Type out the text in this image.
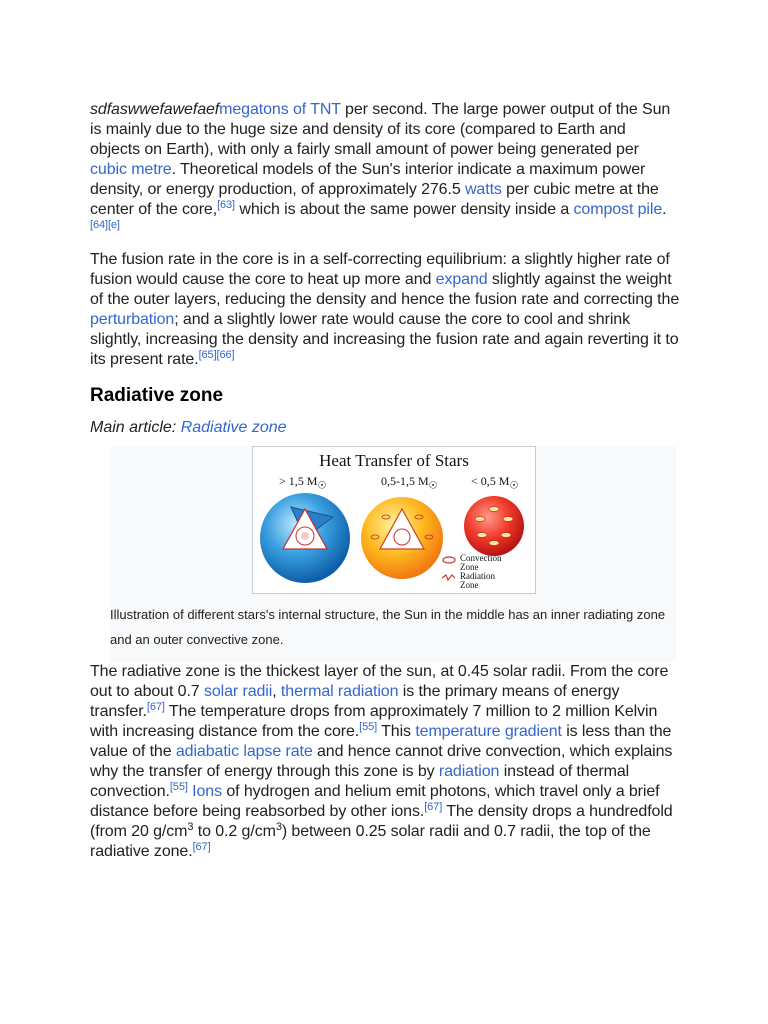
sdfaswwefawefaefmegatons of TNT per second. The large power output of the Sun is mainly due to the huge size and density of its core (compared to Earth and objects on Earth), with only a fairly small amount of power being generated per cubic metre. Theoretical models of the Sun's interior indicate a maximum power density, or energy production, of approximately 276.5 watts per cubic metre at the center of the core,[63] which is about the same power density inside a compost pile.[64][e]

The fusion rate in the core is in a self-correcting equilibrium: a slightly higher rate of fusion would cause the core to heat up more and expand slightly against the weight of the outer layers, reducing the density and hence the fusion rate and correcting the perturbation; and a slightly lower rate would cause the core to cool and shrink slightly, increasing the density and increasing the fusion rate and again reverting it to its present rate.[65][66]

Radiative zone
Main article: Radiative zone
Heat Transfer of Stars
> 1,5 $M_☉$	0,5-1,5 $M_☉$	< 0,5 $M_☉$
Convection
Zone
Radiation
Zone

Illustration of different stars's internal structure, the Sun in the middle has an inner radiating zone and an outer convective zone.

The radiative zone is the thickest layer of the sun, at 0.45 solar radii. From the core out to about 0.7 solar radii, thermal radiation is the primary means of energy transfer.[67] The temperature drops from approximately 7 million to 2 million Kelvin with increasing distance from the core.[55] This temperature gradient is less than the value of the adiabatic lapse rate and hence cannot drive convection, which explains why the transfer of energy through this zone is by radiation instead of thermal convection.[55] Ions of hydrogen and helium emit photons, which travel only a brief distance before being reabsorbed by other ions.[67] The density drops a hundredfold (from 20 $g/cm^3$ to 0.2 $g/cm^3$) between 0.25 solar radii and 0.7 radii, the top of the radiative zone.[67]
